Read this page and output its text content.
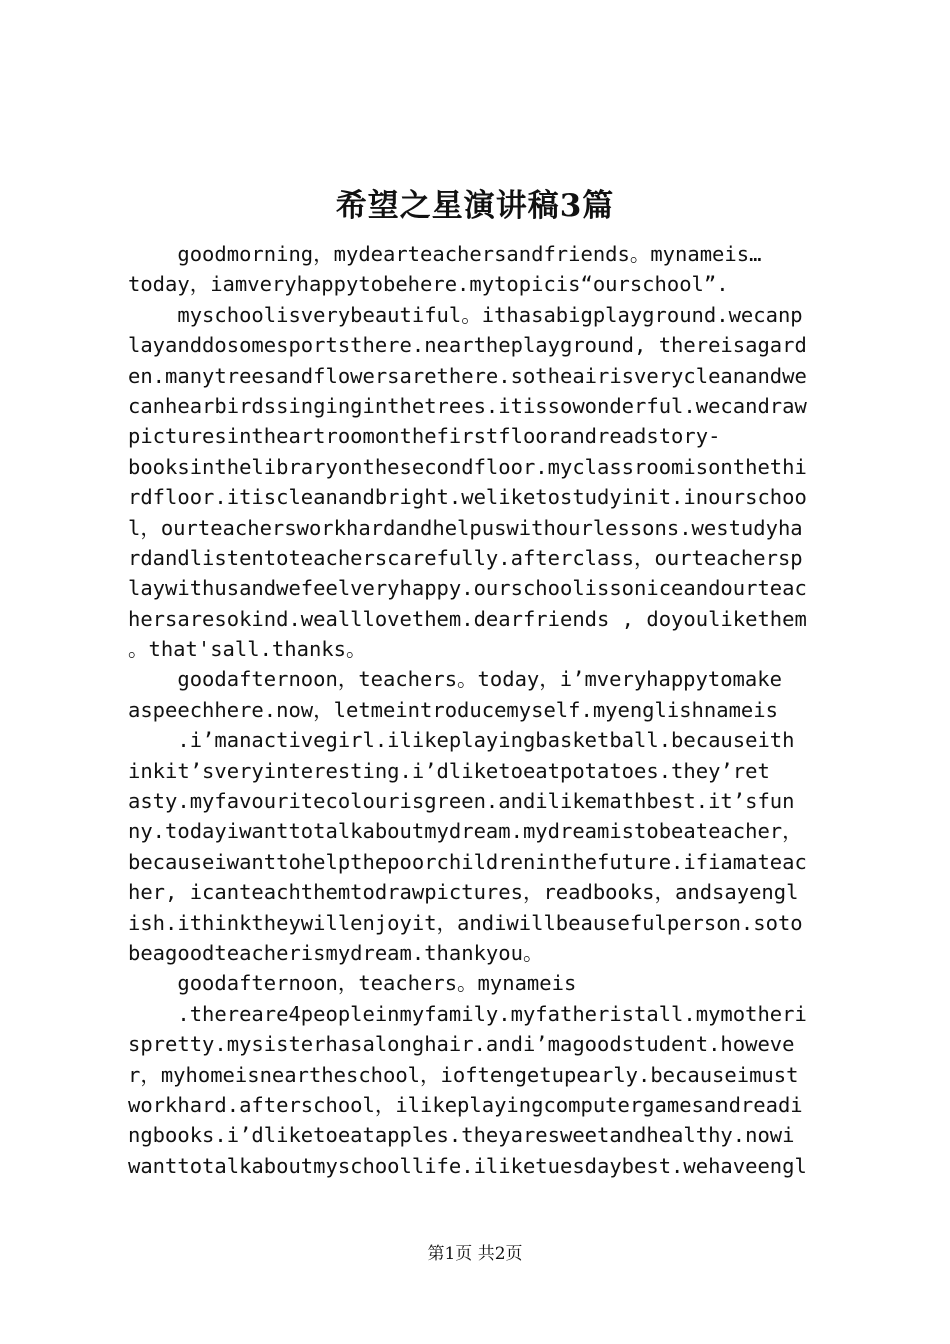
希望之星演讲稿3篇
goodmorning，mydearteachersandfriends。mynameis…
today，iamveryhappytobehere.mytopicis“ourschool”.
myschoolisverybeautiful。ithasabigplayground.wecanp
layanddosomesportsthere.neartheplayground, thereisagard
en.manytreesandflowersarethere.sotheairisverycleanandwe
canhearbirdssinginginthetrees.itissowonderful.wecandraw
picturesintheartroomonthefirstfloorandreadstory-
booksinthelibraryonthesecondfloor.myclassroomisonthethi
rdfloor.itiscleanandbright.weliketostudyinit.inourschoo
l，ourteachersworkhardandhelpuswithourlessons.westudyha
rdandlistentoteacherscarefully.afterclass，ourteachersp
laywithusandwefeelveryhappy.ourschoolissoniceandourteac
hersaresokind.wealllovethem.dearfriends , doyoulikethem
。that'sall.thanks。
goodafternoon，teachers。today，i’mveryhappytomake
aspeechhere.now，letmeintroducemyself.myenglishnameis
.i’manactivegirl.ilikeplayingbasketball.becauseith
inkit’sveryinteresting.i’dliketoeatpotatoes.they’ret
asty.myfavouritecolourisgreen.andilikemathbest.it’sfun
ny.todayiwanttotalkaboutmydream.mydreamistobeateacher，
becauseiwanttohelpthepoorchildreninthefuture.ifiamateac
her, icanteachthemtodrawpictures，readbooks，andsayengl
ish.ithinktheywillenjoyit，andiwillbeausefulperson.soto
beagoodteacherismydream.thankyou。
goodafternoon，teachers。mynameis
.thereare4peopleinmyfamily.myfatheristall.mymotheri
spretty.mysisterhasalonghair.andi’magoodstudent.howeve
r，myhomeisneartheschool，ioftengetupearly.becauseimust
workhard.afterschool，ilikeplayingcomputergamesandreadi
ngbooks.i’dliketoeatapples.theyaresweetandhealthy.nowi
wanttotalkaboutmyschoollife.iliketuesdaybest.wehaveengl
第1页 共2页
